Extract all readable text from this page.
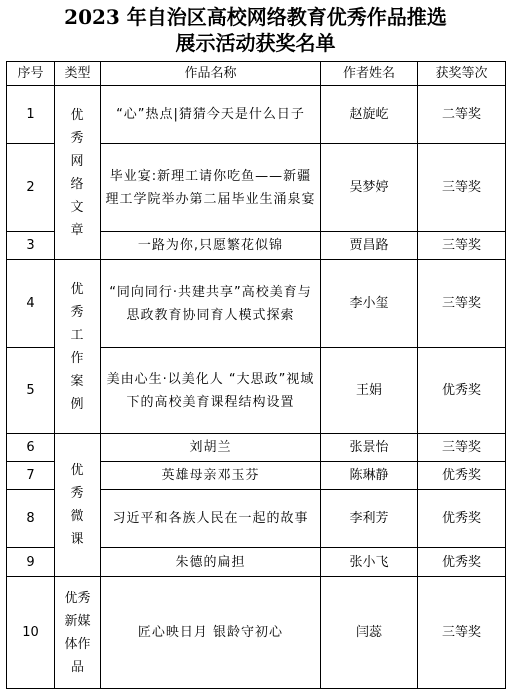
2023 年自治区高校网络教育优秀作品推选
展示活动获奖名单
序号	类型	作品名称	作者姓名	获奖等次
1	优秀网络文章	“心”热点|猜猜今天是什么日子	赵旋屹	二等奖
2		毕业宴:新理工请你吃鱼——新疆理工学院举办第二届毕业生涌泉宴	吴梦婷	三等奖
3		一路为你,只愿繁花似锦	贾昌路	三等奖
4	优秀工作案例	“同向同行·共建共享”高校美育与思政教育协同育人模式探索	李小玺	三等奖
5		美由心生·以美化人 “大思政”视域下的高校美育课程结构设置	王娟	优秀奖
6	优秀微课	刘胡兰	张景怡	三等奖
7		英雄母亲邓玉芬	陈琳静	优秀奖
8		习近平和各族人民在一起的故事	李利芳	优秀奖
9		朱德的扁担	张小飞	优秀奖
10	优秀新媒体作品	匠心映日月 银龄守初心	闫蕊	三等奖
